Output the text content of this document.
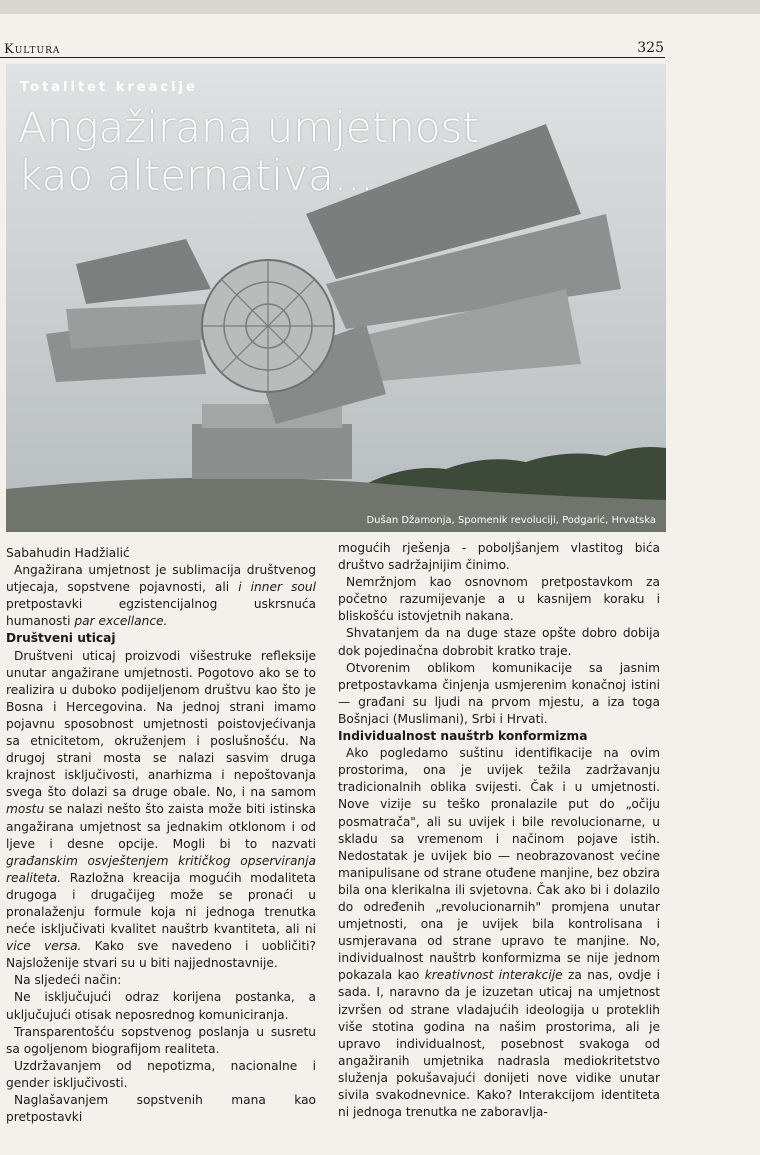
Kultura	325
Totalitet kreacije
Angažirana umjetnost
kao alternativa...
Dušan Džamonja, Spomenik revoluciji, Podgarić, Hrvatska

Sabahudin Hadžialić

Angažirana umjetnost je sublimacija društvenog utjecaja, sopstvene pojavnosti, ali i inner soul pretpostavki egzistencijalnog uskrsnuća humanosti par excellance.

Društveni uticaj

Društveni uticaj proizvodi višestruke refleksije unutar angažirane umjetnosti. Pogotovo ako se to realizira u duboko podijeljenom društvu kao što je Bosna i Hercegovina. Na jednoj strani imamo pojavnu sposobnost umjetnosti poistovjećivanja sa etnicitetom, okruženjem i poslušnošću. Na drugoj strani mosta se nalazi sasvim druga krajnost isključivosti, anarhizma i nepoštovanja svega što dolazi sa druge obale. No, i na samom mostu se nalazi nešto što zaista može biti istinska angažirana umjetnost sa jednakim otklonom i od ljeve i desne opcije. Mogli bi to nazvati građanskim osvještenjem kritičkog opserviranja realiteta. Razložna kreacija mogućih modaliteta drugoga i drugačijeg može se pronaći u pronalaženju formule koja ni jednoga trenutka neće isključivati kvalitet nauštrb kvantiteta, ali ni vice versa. Kako sve navedeno i uobličiti? Najsloženije stvari su u biti najjednostavnije.

Na sljedeći način:

Ne isključujući odraz korijena postanka, a uključujući otisak neposrednog komuniciranja.

Transparentošću sopstvenog poslanja u susretu sa ogoljenom biografijom realiteta.

Uzdržavanjem od nepotizma, nacionalne i gender isključivosti.

Naglašavanjem sopstvenih mana kao pretpostavki

mogućih rješenja - poboljšanjem vlastitog bića društvo sadržajnijim činimo.

Nemržnjom kao osnovnom pretpostavkom za početno razumijevanje a u kasnijem koraku i bliskošću istovjetnih nakana.

Shvatanjem da na duge staze opšte dobro dobija dok pojedinačna dobrobit kratko traje.

Otvorenim oblikom komunikacije sa jasnim pretpostavkama činjenja usmjerenim konačnoj istini — građani su ljudi na prvom mjestu, a iza toga Bošnjaci (Muslimani), Srbi i Hrvati.

Individualnost nauštrb konformizma

Ako pogledamo suštinu identifikacije na ovim prostorima, ona je uvijek težila zadržavanju tradicionalnih oblika svijesti. Čak i u umjetnosti. Nove vizije su teško pronalazile put do „očiju posmatrača", ali su uvijek i bile revolucionarne, u skladu sa vremenom i načinom pojave istih. Nedostatak je uvijek bio — neobrazovanost većine manipulisane od strane otuđene manjine, bez obzira bila ona klerikalna ili svjetovna. Čak ako bi i dolazilo do određenih „revolucionarnih" promjena unutar umjetnosti, ona je uvijek bila kontrolisana i usmjeravana od strane upravo te manjine. No, individualnost nauštrb konformizma se nije jednom pokazala kao kreativnost interakcije za nas, ovdje i sada. I, naravno da je izuzetan uticaj na umjetnost izvršen od strane vladajućih ideologija u proteklih više stotina godina na našim prostorima, ali je upravo individualnost, posebnost svakoga od angažiranih umjetnika nadrasla mediokritetstvo služenja pokušavajući donijeti nove vidike unutar sivila svakodnevnice. Kako? Interakcijom identiteta ni jednoga trenutka ne zaboravlja-
